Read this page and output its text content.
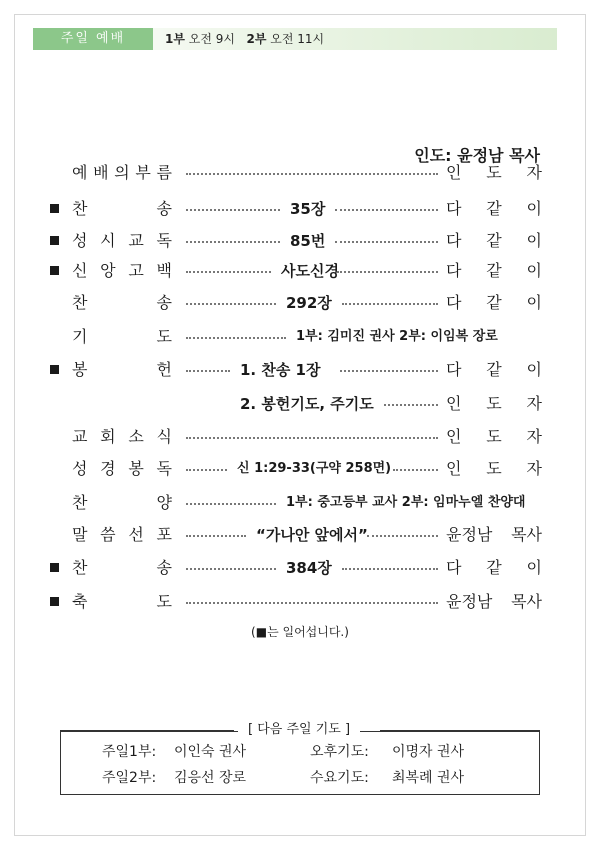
주일 예배	1부 오전 9시 2부 오전 11시
인도: 윤정남 목사
예 배 의 부 름	인 도 자
찬	송	35장	다 같 이
성 시 교 독	85번	다 같 이
신 앙 고 백	사도신경	다 같 이
찬	송	292장	다 같 이
기	도	1부: 김미진 권사 2부: 이임복 장로
봉	헌	1. 찬송 1장	다 같 이
2. 봉헌기도, 주기도	인 도 자
교 회 소 식	인 도 자
성 경 봉 독	신 1:29-33(구약 258면)	인 도 자
찬	양	1부: 중고등부 교사 2부: 임마누엘 찬양대
말 씀 선 포	“가나안 앞에서”	윤정남 목사
찬	송	384장	다 같 이
축	도	윤정남 목사
(■는 일어섭니다.)
[ 다음 주일 기도 ]
주일1부: 이인숙 권사	오후기도: 이명자 권사
주일2부: 김응선 장로	수요기도: 최복례 권사
